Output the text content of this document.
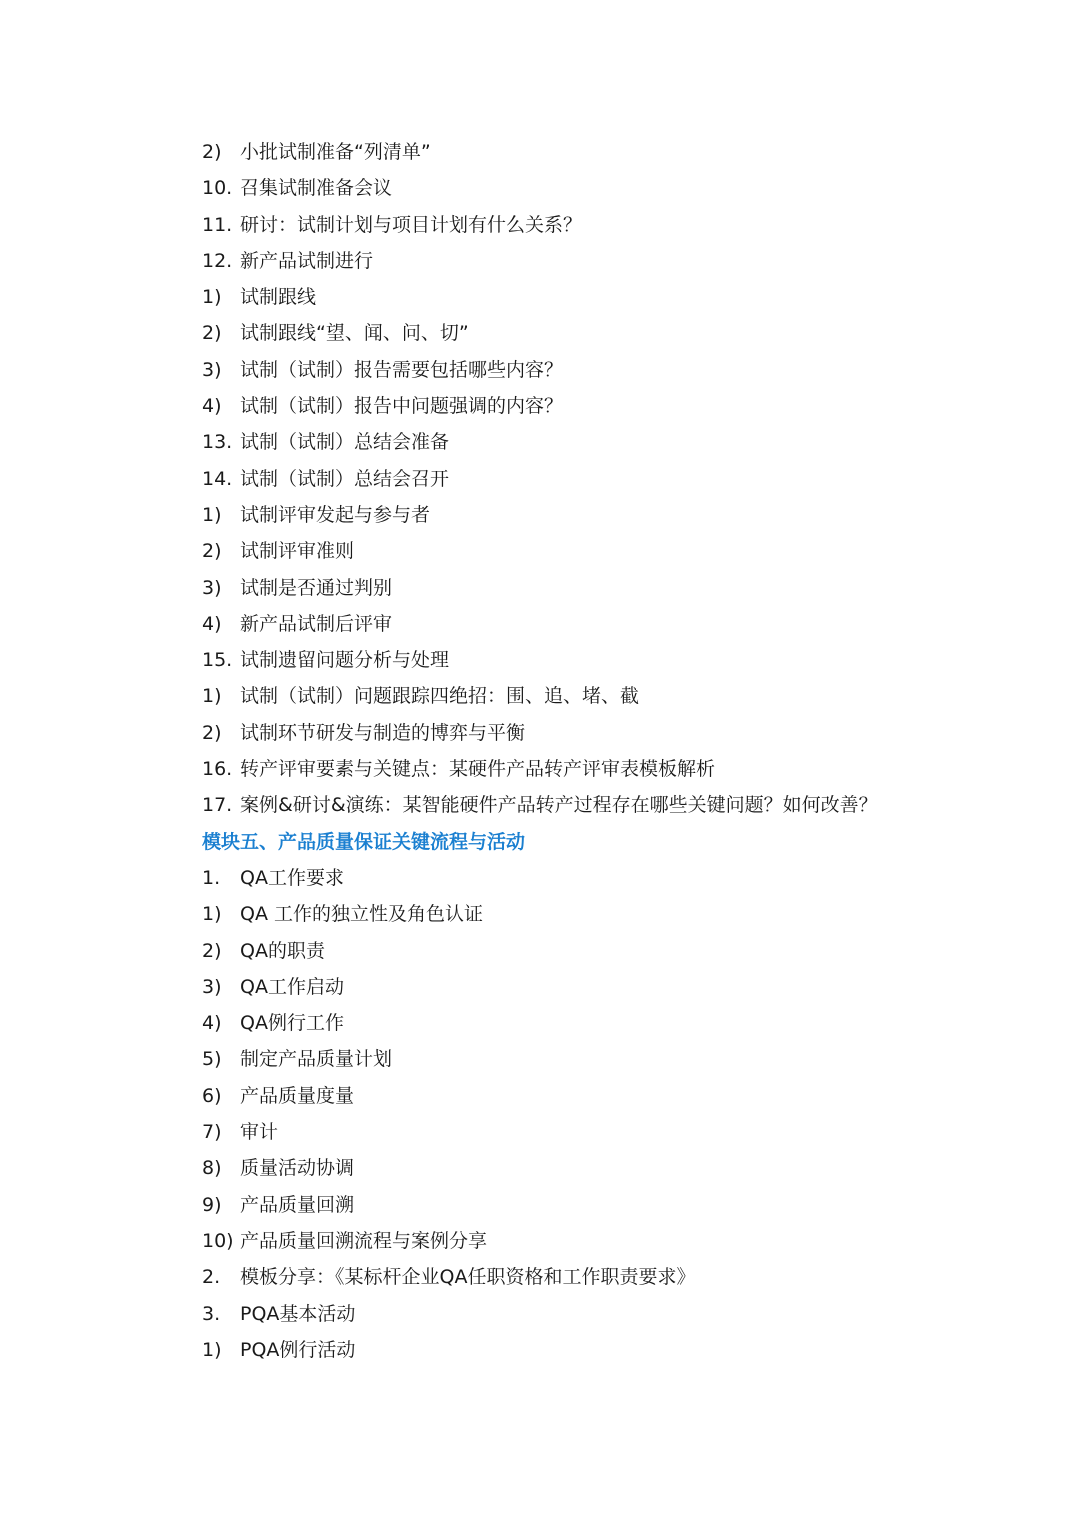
2) 小批试制准备“列清单”
10. 召集试制准备会议
11. 研讨：试制计划与项目计划有什么关系？
12. 新产品试制进行
1) 试制跟线
2) 试制跟线“望、闻、问、切”
3) 试制（试制）报告需要包括哪些内容？
4) 试制（试制）报告中问题强调的内容？
13. 试制（试制）总结会准备
14. 试制（试制）总结会召开
1) 试制评审发起与参与者
2) 试制评审准则
3) 试制是否通过判别
4) 新产品试制后评审
15. 试制遗留问题分析与处理
1) 试制（试制）问题跟踪四绝招：围、追、堵、截
2) 试制环节研发与制造的博弈与平衡
16. 转产评审要素与关键点：某硬件产品转产评审表模板解析
17. 案例&研讨&演练：某智能硬件产品转产过程存在哪些关键问题？如何改善？
模块五、产品质量保证关键流程与活动
1.	QA工作要求
1) QA 工作的独立性及角色认证
2) QA的职责
3) QA工作启动
4) QA例行工作
5) 制定产品质量计划
6) 产品质量度量
7) 审计
8) 质量活动协调
9) 产品质量回溯
10) 产品质量回溯流程与案例分享
2.	模板分享：《某标杆企业QA任职资格和工作职责要求》
3.	PQA基本活动
1) PQA例行活动
